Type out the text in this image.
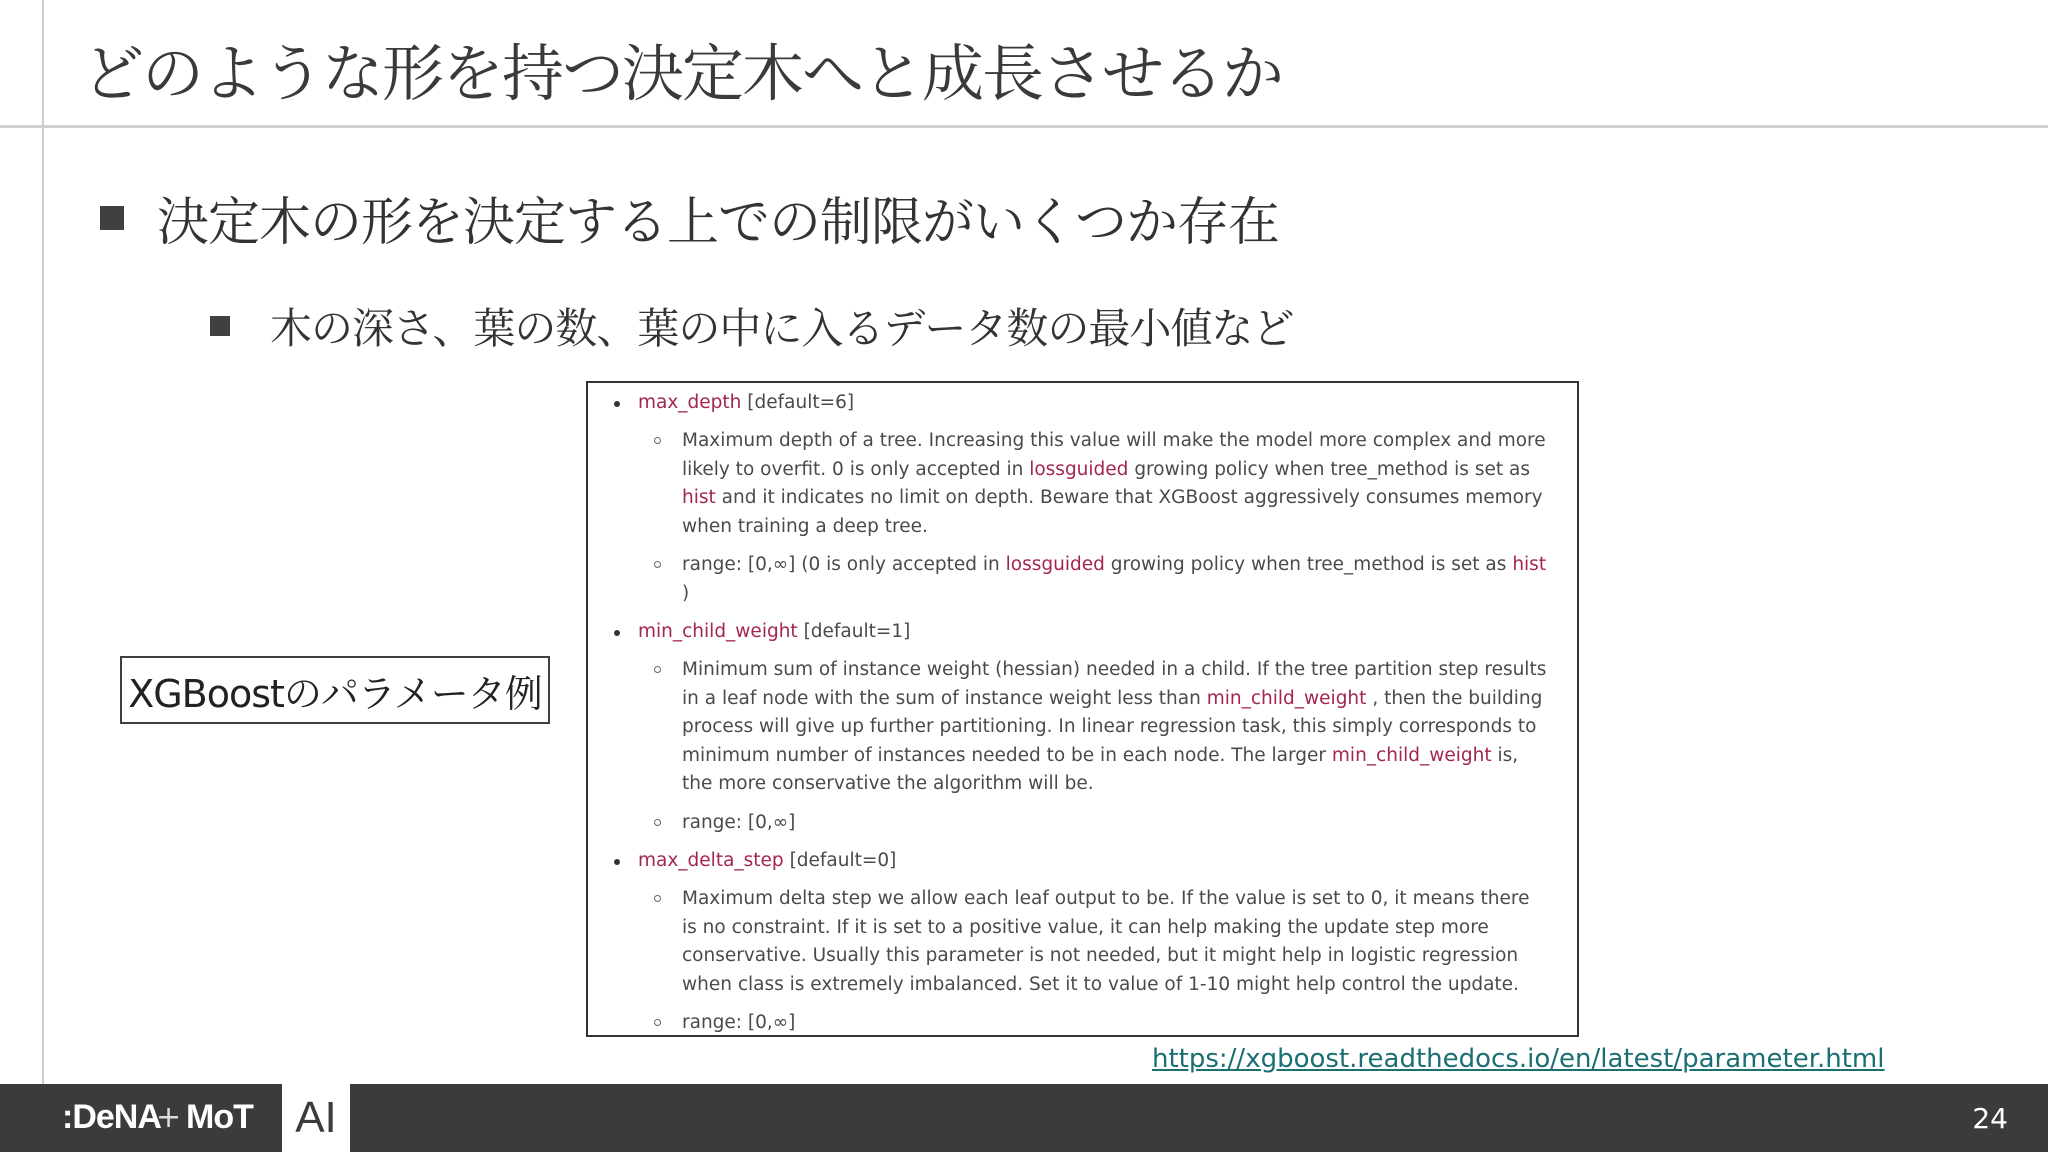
どのような形を持つ決定木へと成長させるか
決定木の形を決定する上での制限がいくつか存在
木の深さ、葉の数、葉の中に入るデータ数の最小値など
XGBoostのパラメータ例
max_depth [default=6]
Maximum depth of a tree. Increasing this value will make the model more complex and more likely to overfit. 0 is only accepted in lossguided growing policy when tree_method is set as hist and it indicates no limit on depth. Beware that XGBoost aggressively consumes memory when training a deep tree.
range: [0,∞] (0 is only accepted in lossguided growing policy when tree_method is set as hist )
min_child_weight [default=1]
Minimum sum of instance weight (hessian) needed in a child. If the tree partition step results in a leaf node with the sum of instance weight less than min_child_weight , then the building process will give up further partitioning. In linear regression task, this simply corresponds to minimum number of instances needed to be in each node. The larger min_child_weight is, the more conservative the algorithm will be.
range: [0,∞]
max_delta_step [default=0]
Maximum delta step we allow each leaf output to be. If the value is set to 0, it means there is no constraint. If it is set to a positive value, it can help making the update step more conservative. Usually this parameter is not needed, but it might help in logistic regression when class is extremely imbalanced. Set it to value of 1-10 might help control the update.
range: [0,∞]
https://xgboost.readthedocs.io/en/latest/parameter.html
:DeNA
+ MoT AI	24
